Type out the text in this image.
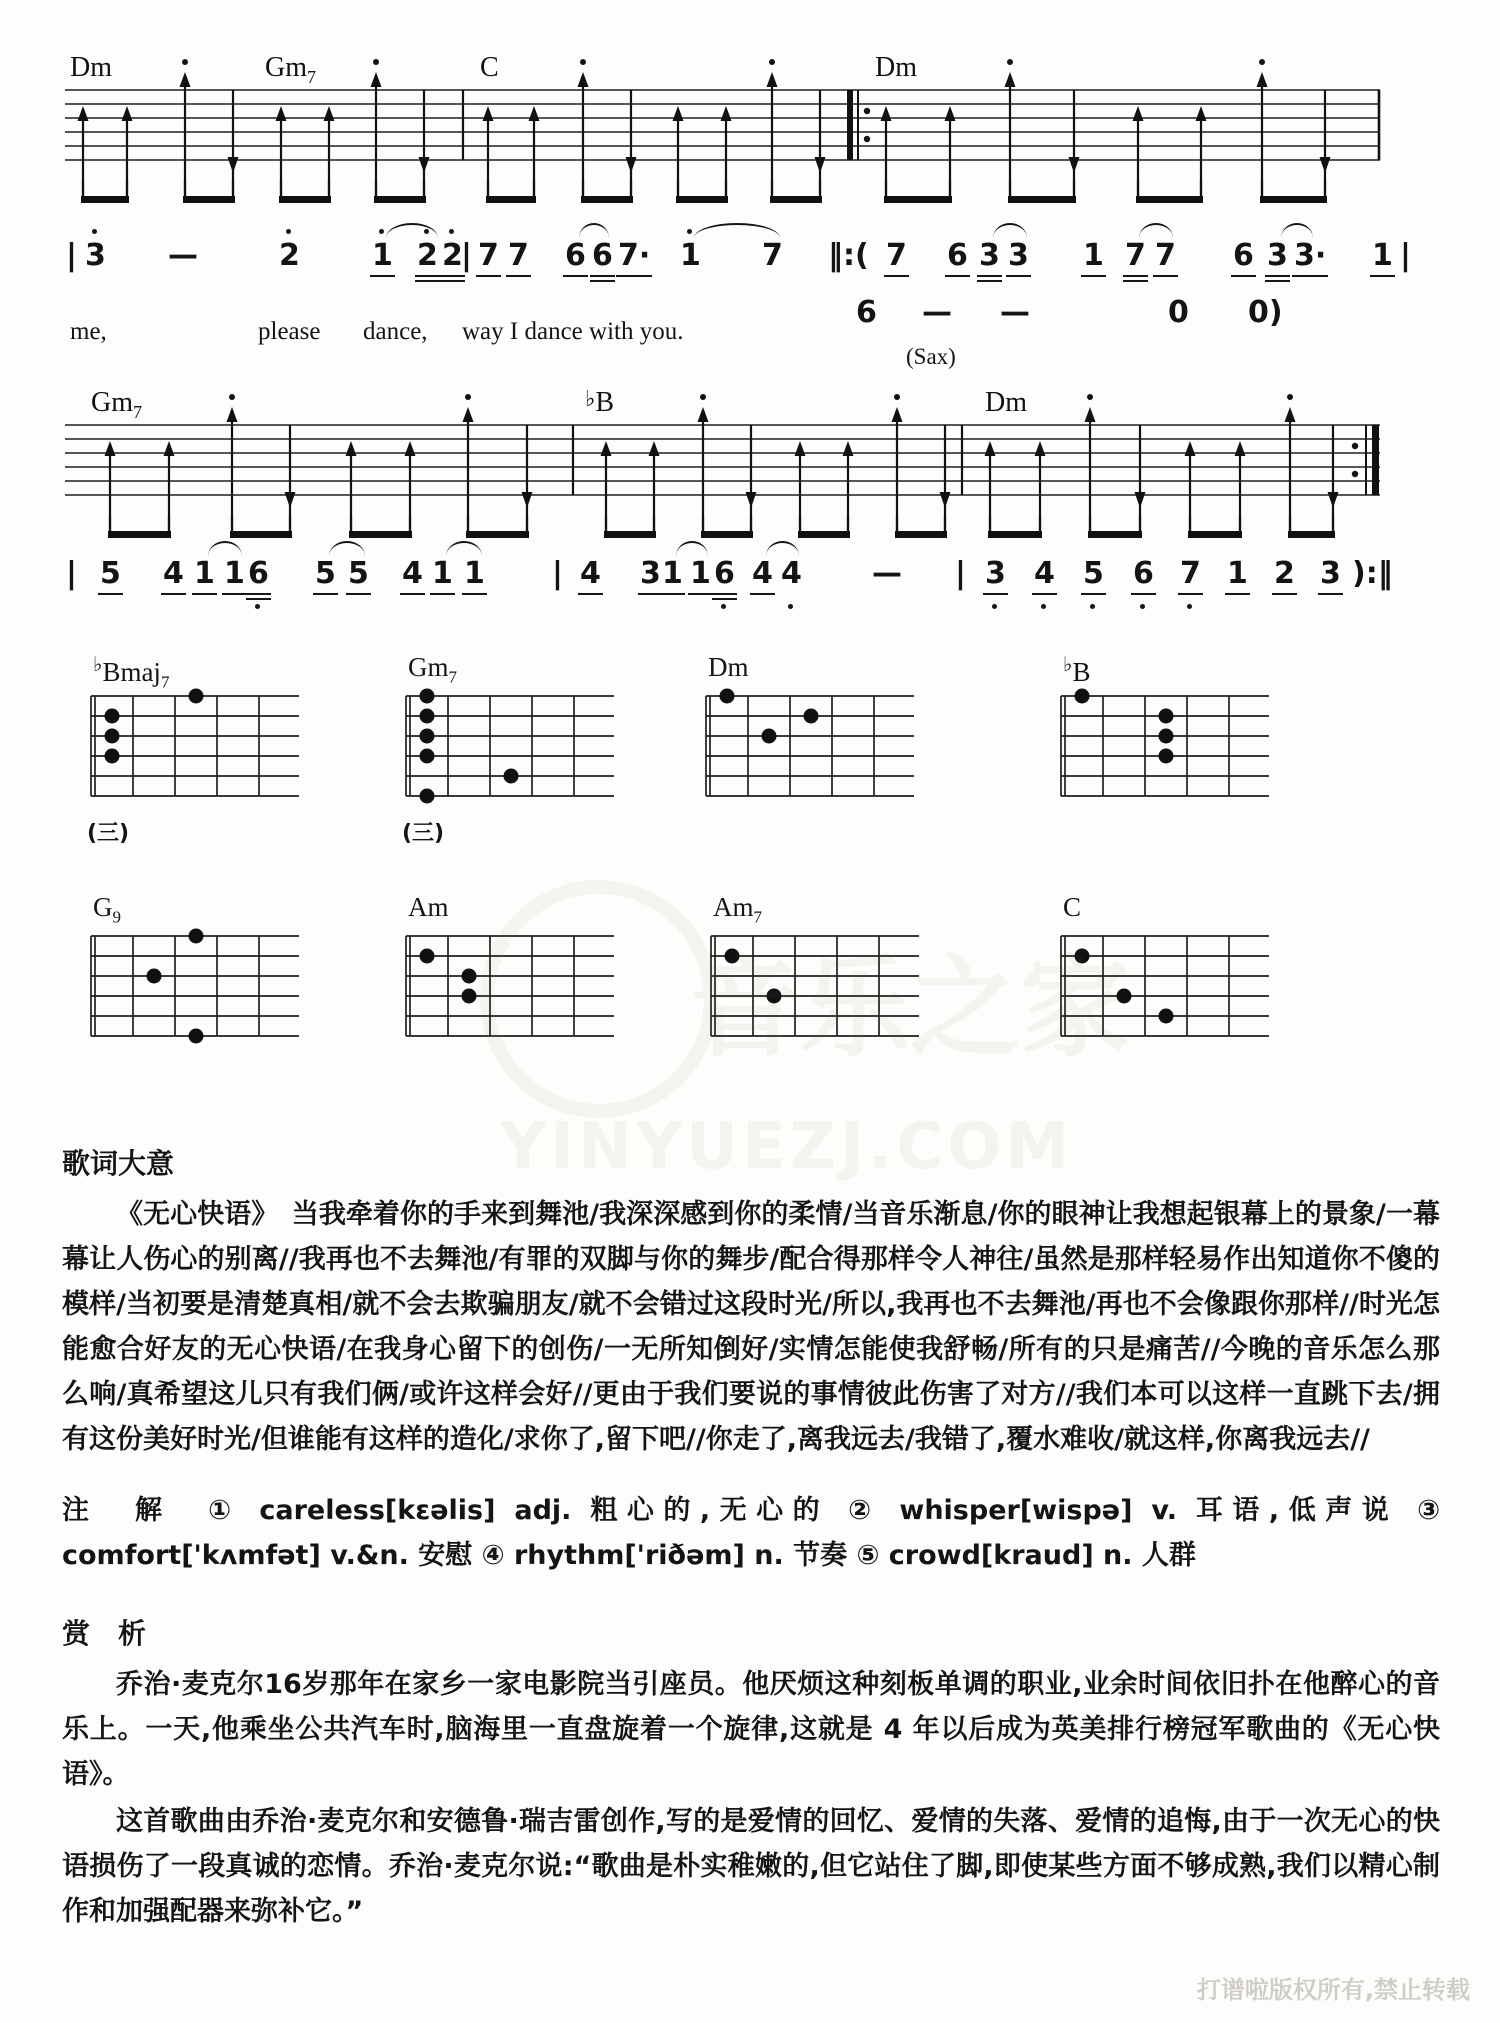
Dm	$Gm_7$	C	Dm
| 3 —	2 1 2 2
| 7 7 6 6 7· 1 7 ‖:( 7 6 3 3 1 7 7 6 3 3· 1 |
6 — —	0 0)
me,	please dance, way I dance with you.
(Sax)
$Gm_7$
♭B	Dm
| 5 4 1 1 6 5 5 4 1 1 | 4 3 1 1 6 4 4 — | 3 4 5 6 7 1 2 3 ):‖
♭Bmaj$_7$
(三)
$Gm_7$
(三)
Dm	♭B
$G_9$	Am	$Am_7$	C
音乐之家
YINYUEZJ.COM
歌词大意

《无心快语》　当我牵着你的手来到舞池/我深深感到你的柔情/当音乐渐息/你的眼神让我想起银幕上的景象/一幕幕让人伤心的别离//我再也不去舞池/有罪的双脚与你的舞步/配合得那样令人神往/虽然是那样轻易作出知道你不傻的模样/当初要是清楚真相/就不会去欺骗朋友/就不会错过这段时光/所以,我再也不去舞池/再也不会像跟你那样//时光怎能愈合好友的无心快语/在我身心留下的创伤/一无所知倒好/实情怎能使我舒畅/所有的只是痛苦//今晚的音乐怎么那么响/真希望这儿只有我们俩/或许这样会好//更由于我们要说的事情彼此伤害了对方//我们本可以这样一直跳下去/拥有这份美好时光/但谁能有这样的造化/求你了,留下吧//你走了,离我远去/我错了,覆水难收/就这样,你离我远去//

注　解　 ① careless[kɛəlis] adj. 粗心的,无心的 ② whisper[wispə] v. 耳语,低声说 ③ comfort['kʌmfət] v.&n. 安慰 ④ rhythm['riðəm] n. 节奏 ⑤ crowd[kraud] n. 人群

赏　析

乔治·麦克尔16岁那年在家乡一家电影院当引座员。他厌烦这种刻板单调的职业,业余时间依旧扑在他醉心的音乐上。一天,他乘坐公共汽车时,脑海里一直盘旋着一个旋律,这就是 4 年以后成为英美排行榜冠军歌曲的《无心快语》。

这首歌曲由乔治·麦克尔和安德鲁·瑞吉雷创作,写的是爱情的回忆、爱情的失落、爱情的追悔,由于一次无心的快语损伤了一段真诚的恋情。乔治·麦克尔说:“歌曲是朴实稚嫩的,但它站住了脚,即使某些方面不够成熟,我们以精心制作和加强配器来弥补它。”

打谱啦版权所有,禁止转载
